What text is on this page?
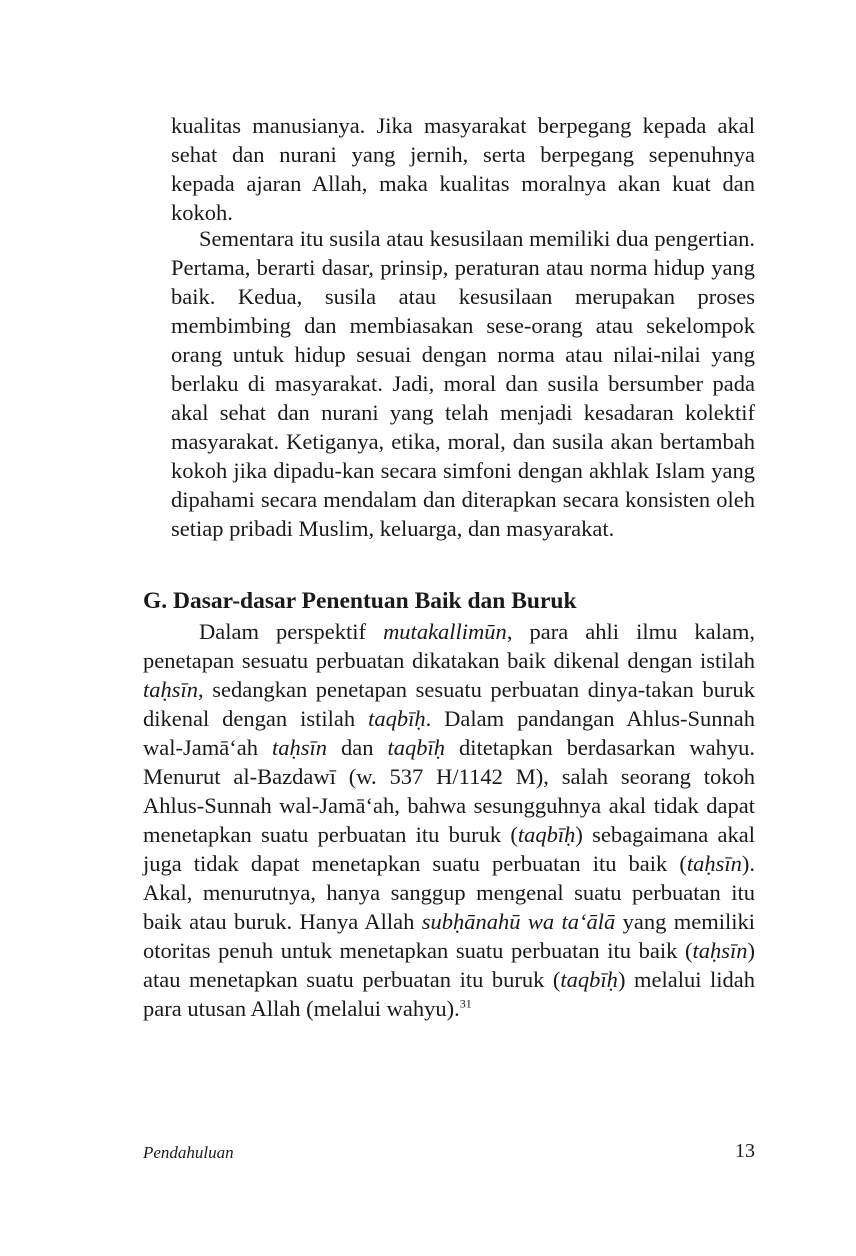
kualitas manusianya. Jika masyarakat berpegang kepada akal sehat dan nurani yang jernih, serta berpegang sepenuhnya kepada ajaran Allah, maka kualitas moralnya akan kuat dan kokoh.

Sementara itu susila atau kesusilaan memiliki dua pengertian. Pertama, berarti dasar, prinsip, peraturan atau norma hidup yang baik. Kedua, susila atau kesusilaan merupakan proses membimbing dan membiasakan sese-orang atau sekelompok orang untuk hidup sesuai dengan norma atau nilai-nilai yang berlaku di masyarakat. Jadi, moral dan susila bersumber pada akal sehat dan nurani yang telah menjadi kesadaran kolektif masyarakat. Ketiganya, etika, moral, dan susila akan bertambah kokoh jika dipadu-kan secara simfoni dengan akhlak Islam yang dipahami secara mendalam dan diterapkan secara konsisten oleh setiap pribadi Muslim, keluarga, dan masyarakat.

G. Dasar-dasar Penentuan Baik dan Buruk

Dalam perspektif mutakallimūn, para ahli ilmu kalam, penetapan sesuatu perbuatan dikatakan baik dikenal dengan istilah taḥsīn, sedangkan penetapan sesuatu perbuatan dinya-takan buruk dikenal dengan istilah taqbīḥ. Dalam pandangan Ahlus-Sunnah wal-Jamā‘ah taḥsīn dan taqbīḥ ditetapkan berdasarkan wahyu. Menurut al-Bazdawī (w. 537 H/1142 M), salah seorang tokoh Ahlus-Sunnah wal-Jamā‘ah, bahwa sesungguhnya akal tidak dapat menetapkan suatu perbuatan itu buruk (taqbīḥ) sebagaimana akal juga tidak dapat menetapkan suatu perbuatan itu baik (taḥsīn). Akal, menurutnya, hanya sanggup mengenal suatu perbuatan itu baik atau buruk. Hanya Allah subḥānahū wa ta‘ālā yang memiliki otoritas penuh untuk menetapkan suatu perbuatan itu baik (taḥsīn) atau menetapkan suatu perbuatan itu buruk (taqbīḥ) melalui lidah para utusan Allah (melalui wahyu).$^{31}$

Pendahuluan	13
